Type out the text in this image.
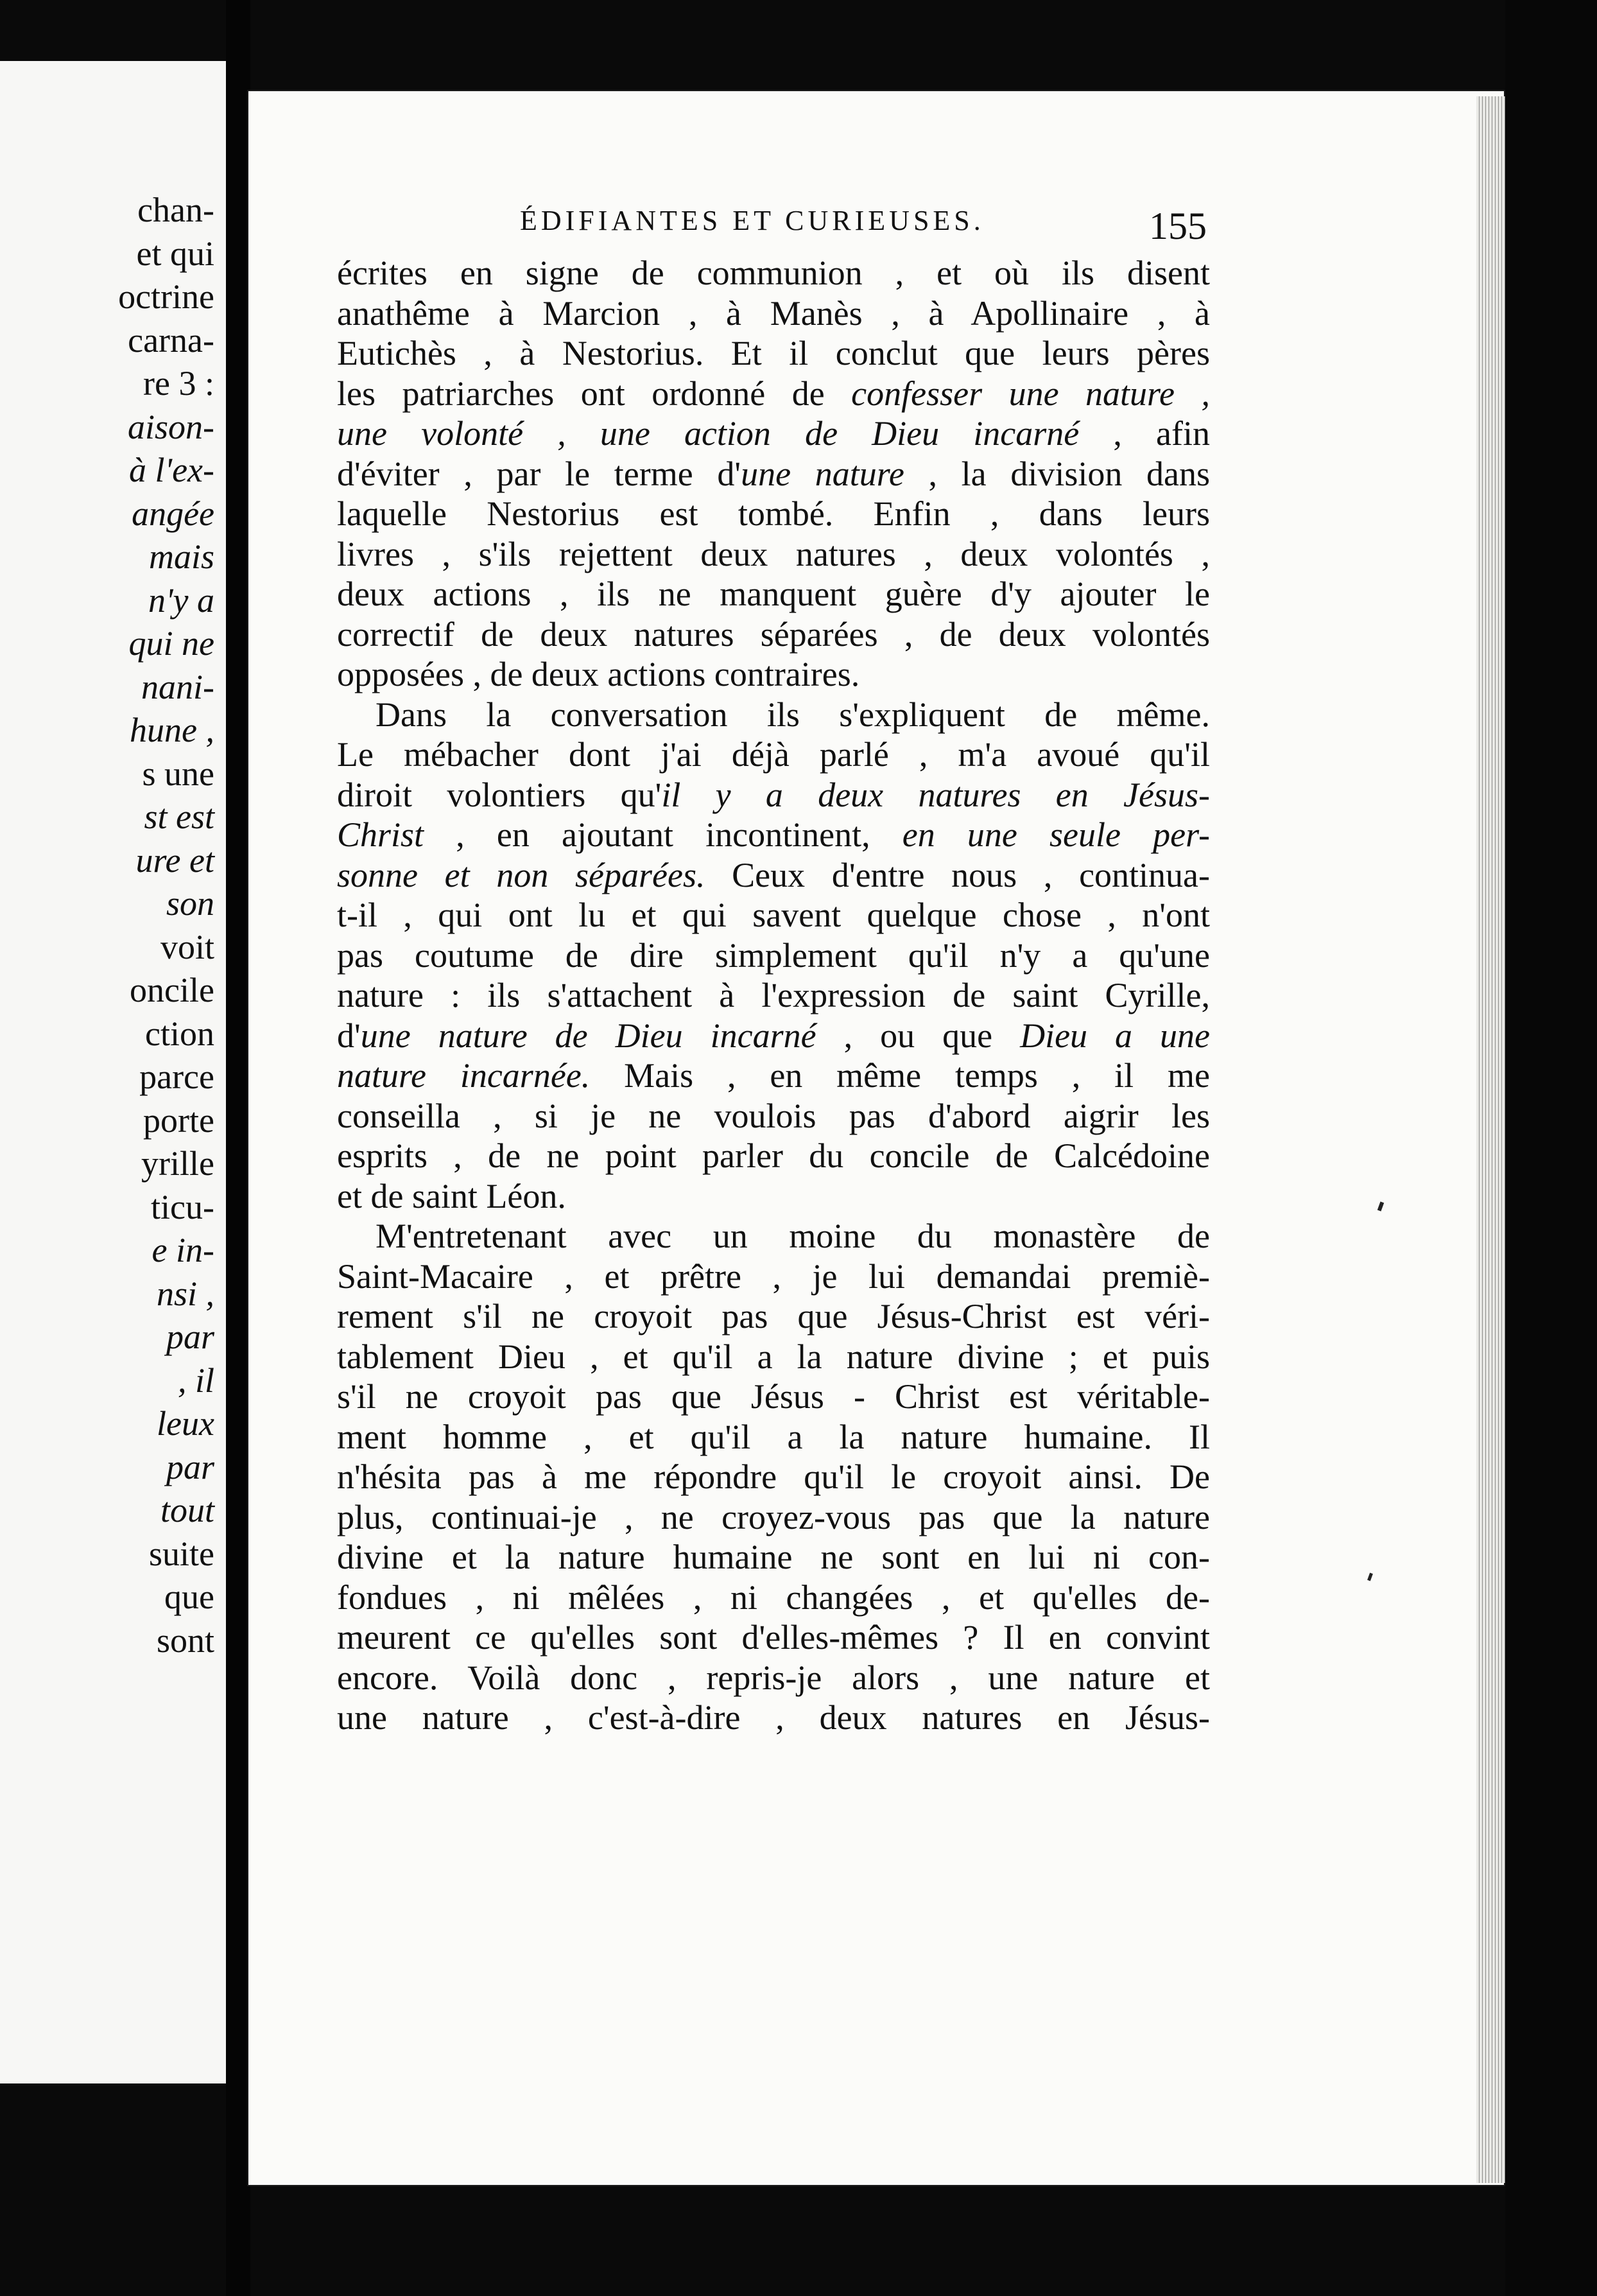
chan-
et qui
octrine
carna-
re 3 :
aison-
à l'ex-
angée
mais
n'y a
qui ne
nani-
hune ,
s une
st est
ure et
son
voit
oncile
ction
parce
porte
yrille
ticu-
e in-
nsi ,
par
, il
leux
par
tout
suite
que
sont
ÉDIFIANTES ET CURIEUSES.	155
écrites en signe de communion , et où ils disent
anathême à Marcion , à Manès , à Apollinaire , à
Eutichès , à Nestorius. Et il conclut que leurs pères
les patriarches ont ordonné de confesser une nature ,
une volonté , une action de Dieu incarné , afin
d'éviter , par le terme d'une nature , la division dans
laquelle Nestorius est tombé. Enfin , dans leurs
livres , s'ils rejettent deux natures , deux volontés ,
deux actions , ils ne manquent guère d'y ajouter le
correctif de deux natures séparées , de deux volontés
opposées , de deux actions contraires.
Dans la conversation ils s'expliquent de même.
Le mébacher dont j'ai déjà parlé , m'a avoué qu'il
diroit volontiers qu'il y a deux natures en Jésus-
Christ , en ajoutant incontinent, en une seule per-
sonne et non séparées. Ceux d'entre nous , continua-
t-il , qui ont lu et qui savent quelque chose , n'ont
pas coutume de dire simplement qu'il n'y a qu'une
nature : ils s'attachent à l'expression de saint Cyrille,
d'une nature de Dieu incarné , ou que Dieu a une
nature incarnée. Mais , en même temps , il me
conseilla , si je ne voulois pas d'abord aigrir les
esprits , de ne point parler du concile de Calcédoine
et de saint Léon.
M'entretenant avec un moine du monastère de
Saint-Macaire , et prêtre , je lui demandai premiè-
rement s'il ne croyoit pas que Jésus-Christ est véri-
tablement Dieu , et qu'il a la nature divine ; et puis
s'il ne croyoit pas que Jésus - Christ est véritable-
ment homme , et qu'il a la nature humaine. Il
n'hésita pas à me répondre qu'il le croyoit ainsi. De
plus, continuai-je , ne croyez-vous pas que la nature
divine et la nature humaine ne sont en lui ni con-
fondues , ni mêlées , ni changées , et qu'elles de-
meurent ce qu'elles sont d'elles-mêmes ? Il en convint
encore. Voilà donc , repris-je alors , une nature et
une nature , c'est-à-dire , deux natures en Jésus-
